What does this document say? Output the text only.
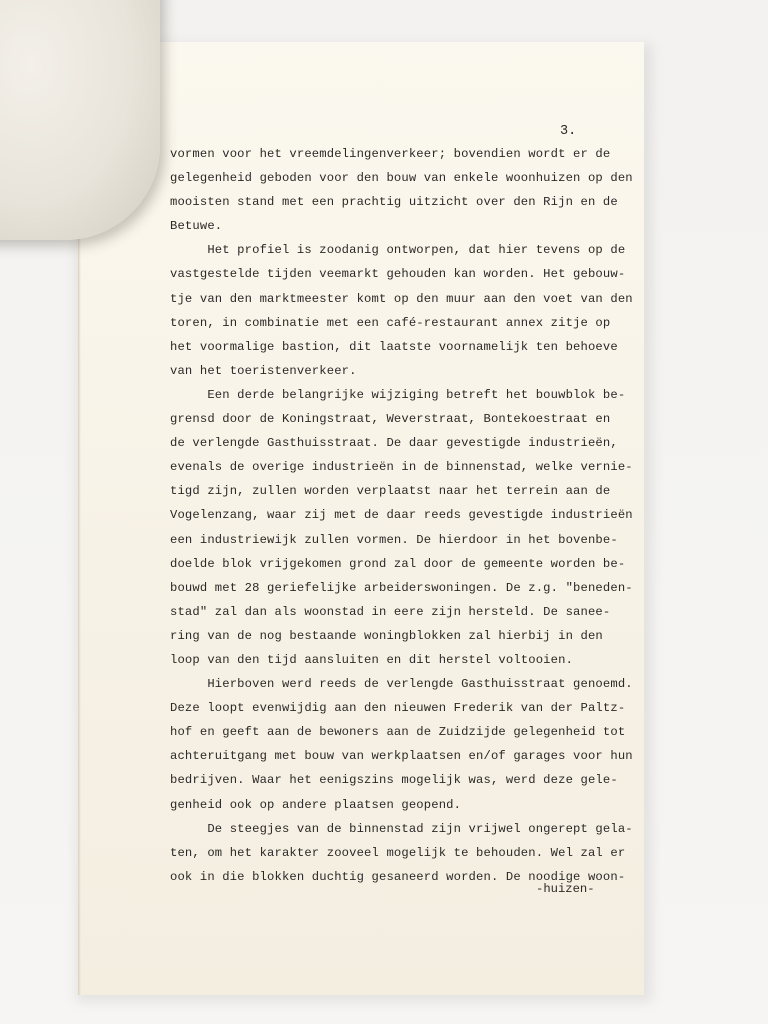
3.

vormen voor het vreemdelingenverkeer; bovendien wordt er de
gelegenheid geboden voor den bouw van enkele woonhuizen op den
mooisten stand met een prachtig uitzicht over den Rijn en de
Betuwe.
Het profiel is zoodanig ontworpen, dat hier tevens op de
vastgestelde tijden veemarkt gehouden kan worden. Het gebouw-
tje van den marktmeester komt op den muur aan den voet van den
toren, in combinatie met een café-restaurant annex zitje op
het voormalige bastion, dit laatste voornamelijk ten behoeve
van het toeristenverkeer.
Een derde belangrijke wijziging betreft het bouwblok be-
grensd door de Koningstraat, Weverstraat, Bontekoestraat en
de verlengde Gasthuisstraat. De daar gevestigde industrieën,
evenals de overige industrieën in de binnenstad, welke vernie-
tigd zijn, zullen worden verplaatst naar het terrein aan de
Vogelenzang, waar zij met de daar reeds gevestigde industrieën
een industriewijk zullen vormen. De hierdoor in het bovenbe-
doelde blok vrijgekomen grond zal door de gemeente worden be-
bouwd met 28 geriefelijke arbeiderswoningen. De z.g. "beneden-
stad" zal dan als woonstad in eere zijn hersteld. De sanee-
ring van de nog bestaande woningblokken zal hierbij in den
loop van den tijd aansluiten en dit herstel voltooien.
Hierboven werd reeds de verlengde Gasthuisstraat genoemd.
Deze loopt evenwijdig aan den nieuwen Frederik van der Paltz-
hof en geeft aan de bewoners aan de Zuidzijde gelegenheid tot
achteruitgang met bouw van werkplaatsen en/of garages voor hun
bedrijven. Waar het eenigszins mogelijk was, werd deze gele-
genheid ook op andere plaatsen geopend.
De steegjes van de binnenstad zijn vrijwel ongerept gela-
ten, om het karakter zooveel mogelijk te behouden. Wel zal er
ook in die blokken duchtig gesaneerd worden. De noodige woon-

-huizen-
